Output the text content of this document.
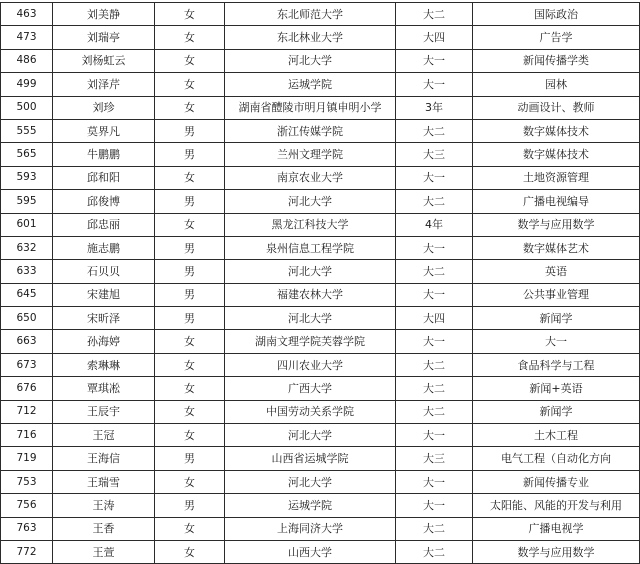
463	刘美静	女	东北师范大学	大二	国际政治
473	刘瑞亭	女	东北林业大学	大四	广告学
486	刘杨虹云	女	河北大学	大一	新闻传播学类
499	刘泽芹	女	运城学院	大一	园林
500	刘珍	女	湖南省醴陵市明月镇申明小学	3年	动画设计、教师
555	莫界凡	男	浙江传媒学院	大二	数字媒体技术
565	牛鹏鹏	男	兰州文理学院	大三	数字媒体技术
593	邱和阳	女	南京农业大学	大一	土地资源管理
595	邱俊博	男	河北大学	大二	广播电视编导
601	邱忠丽	女	黑龙江科技大学	4年	数学与应用数学
632	施志鹏	男	泉州信息工程学院	大一	数字媒体艺术
633	石贝贝	男	河北大学	大二	英语
645	宋建旭	男	福建农林大学	大一	公共事业管理
650	宋昕泽	男	河北大学	大四	新闻学
663	孙海婷	女	湖南文理学院芙蓉学院	大一	大一
673	索琳琳	女	四川农业大学	大二	食品科学与工程
676	覃琪凇	女	广西大学	大二	新闻+英语
712	王辰宇	女	中国劳动关系学院	大二	新闻学
716	王冠	女	河北大学	大一	土木工程
719	王海信	男	山西省运城学院	大三	电气工程（自动化方向
753	王瑞雪	女	河北大学	大一	新闻传播专业
756	王涛	男	运城学院	大一	太阳能、风能的开发与利用
763	王香	女	上海同济大学	大二	广播电视学
772	王萱	女	山西大学	大二	数学与应用数学
